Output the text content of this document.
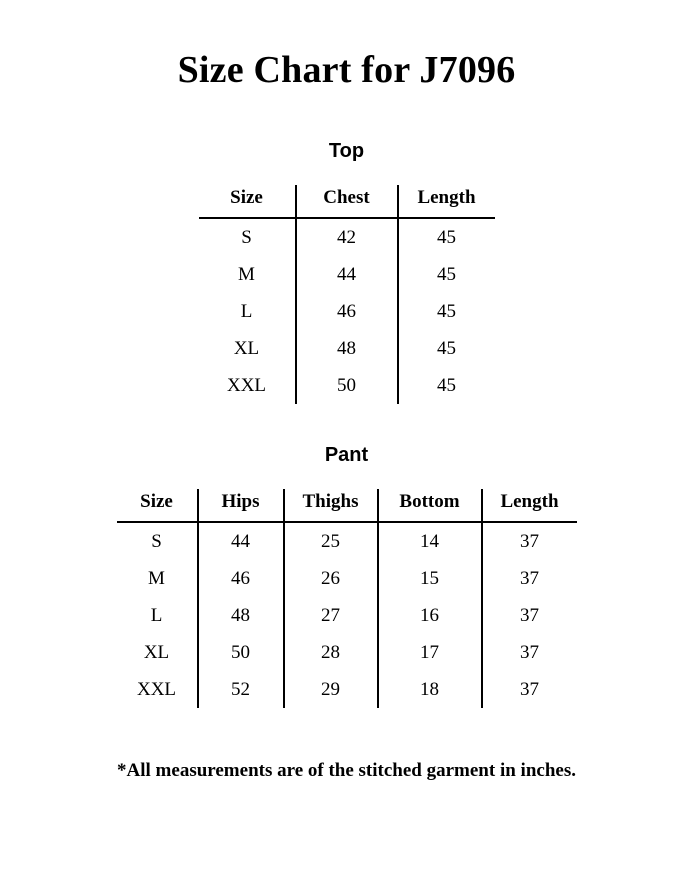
Size Chart for J7096
Top
Size	Chest	Length
S	42	45
M	44	45
L	46	45
XL	48	45
XXL	50	45
Pant
Size	Hips	Thighs	Bottom	Length
S	44	25	14	37
M	46	26	15	37
L	48	27	16	37
XL	50	28	17	37
XXL	52	29	18	37

*All measurements are of the stitched garment in inches.
